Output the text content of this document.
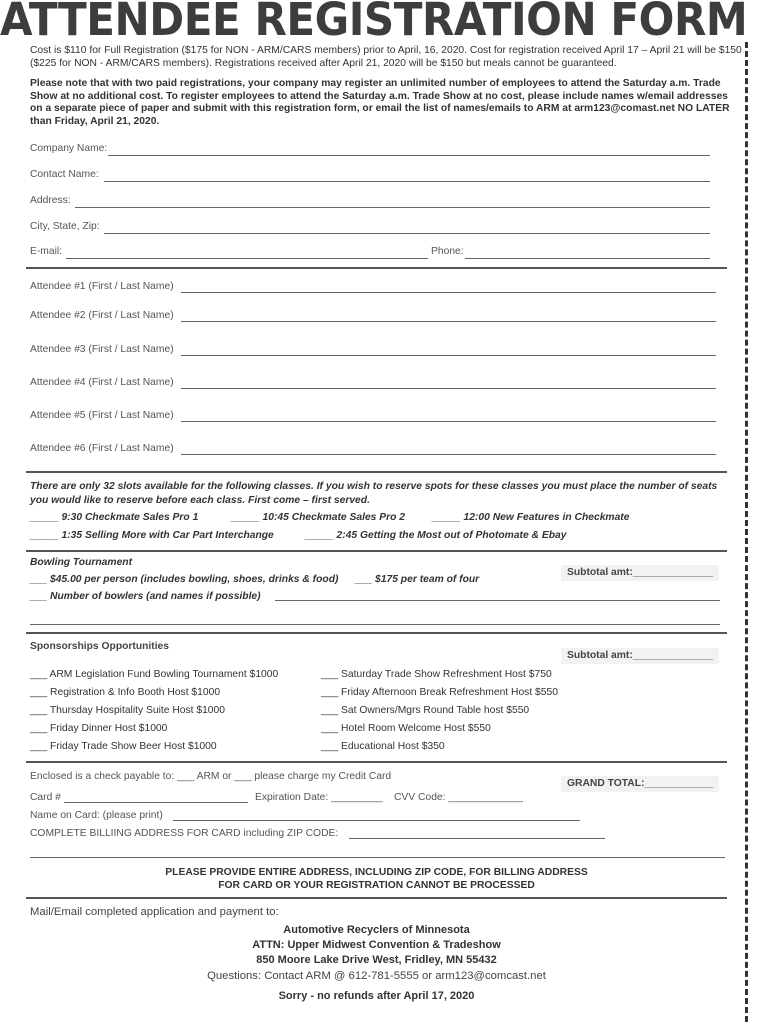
ATTENDEE REGISTRATION FORM
Cost is $110 for Full Registration ($175 for NON - ARM/CARS members) prior to April, 16, 2020. Cost for registration received April 17 – April 21 will be $150 ($225 for NON - ARM/CARS members). Registrations received after April 21, 2020 will be $150 but meals cannot be guaranteed.
Please note that with two paid registrations, your company may register an unlimited number of employees to attend the Saturday a.m. Trade Show at no additional cost. To register employees to attend the Saturday a.m. Trade Show at no cost, please include names w/email addresses on a separate piece of paper and submit with this registration form, or email the list of names/emails to ARM at arm123@comast.net NO LATER than Friday, April 21, 2020.
Company Name:
Contact Name:
Address:
City, State, Zip:
E-mail:	Phone:
Attendee #1 (First / Last Name)
Attendee #2 (First / Last Name)
Attendee #3 (First / Last Name)
Attendee #4 (First / Last Name)
Attendee #5 (First / Last Name)
Attendee #6 (First / Last Name)
There are only 32 slots available for the following classes. If you wish to reserve spots for these classes you must place the number of seats you would like to reserve before each class. First come – first served.
_____ 9:30 Checkmate Sales Pro 1	_____ 10:45 Checkmate Sales Pro 2	_____ 12:00 New Features in Checkmate
_____ 1:35 Selling More with Car Part Interchange	_____ 2:45 Getting the Most out of Photomate & Ebay
Bowling Tournament
Subtotal amt:______________
___ $45.00 per person (includes bowling, shoes, drinks & food) ___ $175 per team of four
___ Number of bowlers (and names if possible)
Sponsorships Opportunities
Subtotal amt:______________
___ ARM Legislation Fund Bowling Tournament $1000
___ Registration & Info Booth Host $1000
___ Thursday Hospitality Suite Host $1000
___ Friday Dinner Host $1000
___ Friday Trade Show Beer Host $1000
___ Saturday Trade Show Refreshment Host $750
___ Friday Afternoon Break Refreshment Host $550
___ Sat Owners/Mgrs Round Table host $550
___ Hotel Room Welcome Host $550
___ Educational Host $350
Enclosed is a check payable to: ___ ARM or ___ please charge my Credit Card
GRAND TOTAL:____________
Card #	Expiration Date: _________ CVV Code: _____________
Name on Card: (please print)
COMPLETE BILLIING ADDRESS FOR CARD including ZIP CODE:
PLEASE PROVIDE ENTIRE ADDRESS, INCLUDING ZIP CODE, FOR BILLING ADDRESS
FOR CARD OR YOUR REGISTRATION CANNOT BE PROCESSED
Mail/Email completed application and payment to:
Automotive Recyclers of Minnesota
ATTN: Upper Midwest Convention & Tradeshow
850 Moore Lake Drive West, Fridley, MN 55432
Questions: Contact ARM @ 612-781-5555 or arm123@comcast.net
Sorry - no refunds after April 17, 2020
